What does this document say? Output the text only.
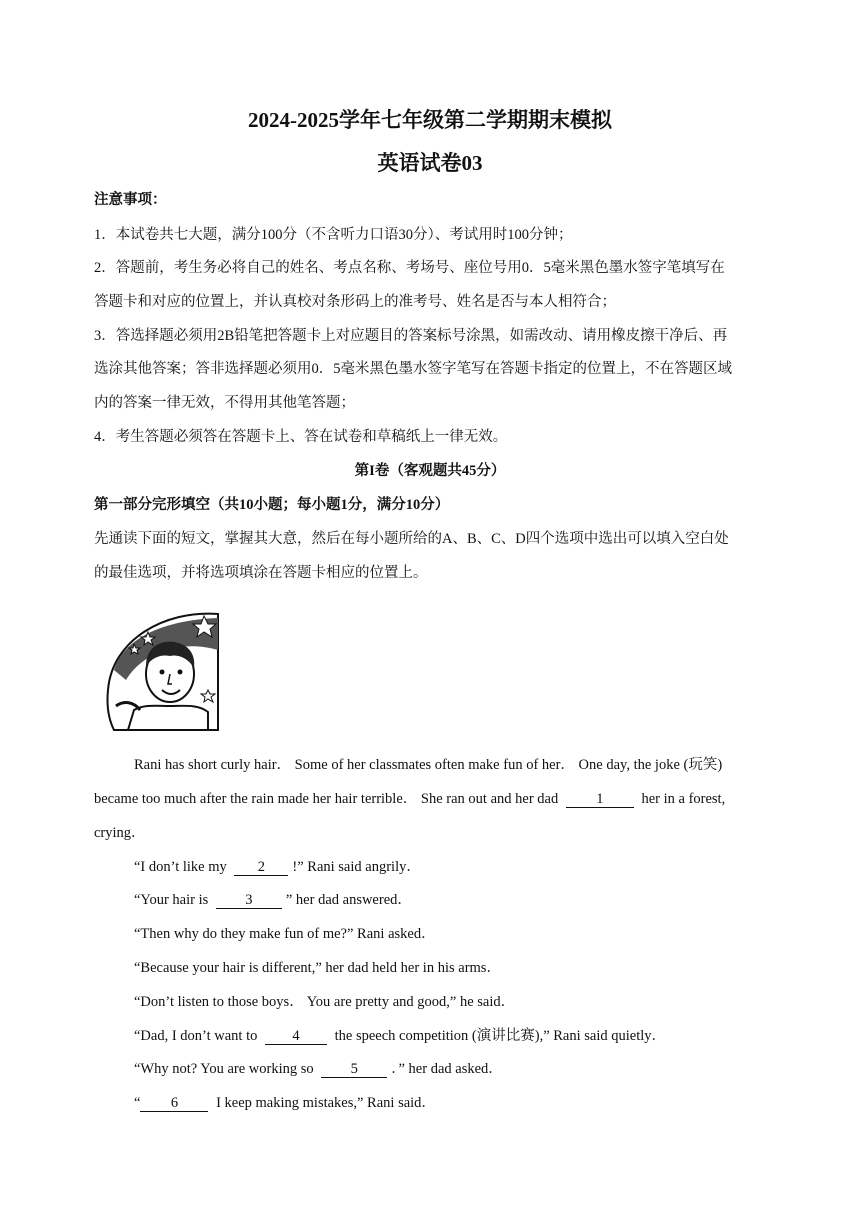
2024-2025学年七年级第二学期期末模拟
英语试卷03
注意事项：
1．本试卷共七大题，满分100分（不含听力口语30分）、考试用时100分钟；
2．答题前，考生务必将自己的姓名、考点名称、考场号、座位号用0．5毫米黑色墨水签字笔填写在
答题卡和对应的位置上，并认真校对条形码上的准考号、姓名是否与本人相符合；
3．答选择题必须用2B铅笔把答题卡上对应题目的答案标号涂黑，如需改动、请用橡皮擦干净后、再
选涂其他答案；答非选择题必须用0．5毫米黑色墨水签字笔写在答题卡指定的位置上，不在答题区域
内的答案一律无效，不得用其他笔答题；
4．考生答题必须答在答题卡上、答在试卷和草稿纸上一律无效。
第I卷（客观题共45分）
第一部分完形填空（共10小题；每小题1分，满分10分）
先通读下面的短文，掌握其大意，然后在每小题所给的A、B、C、D四个选项中选出可以填入空白处
的最佳选项，并将选项填涂在答题卡相应的位置上。
Rani has short curly hair． Some of her classmates often make fun of her． One day, the joke (玩笑)
became too much after the rain made her hair terrible． She ran out and her dad	1	her in a forest,
crying．
“I don’t like my 2 !” Rani said angrily．
“Your hair is	3 ” her dad answered．
“Then why do they make fun of me?” Rani asked．
“Because your hair is different,” her dad held her in his arms．
“Don’t listen to those boys． You are pretty and good,” he said．
“Dad, I don’t want to 4 the speech competition (演讲比赛),” Rani said quietly．
“Why not? You are working so	5 ．” her dad asked．
“ 6	I keep making mistakes,” Rani said．
